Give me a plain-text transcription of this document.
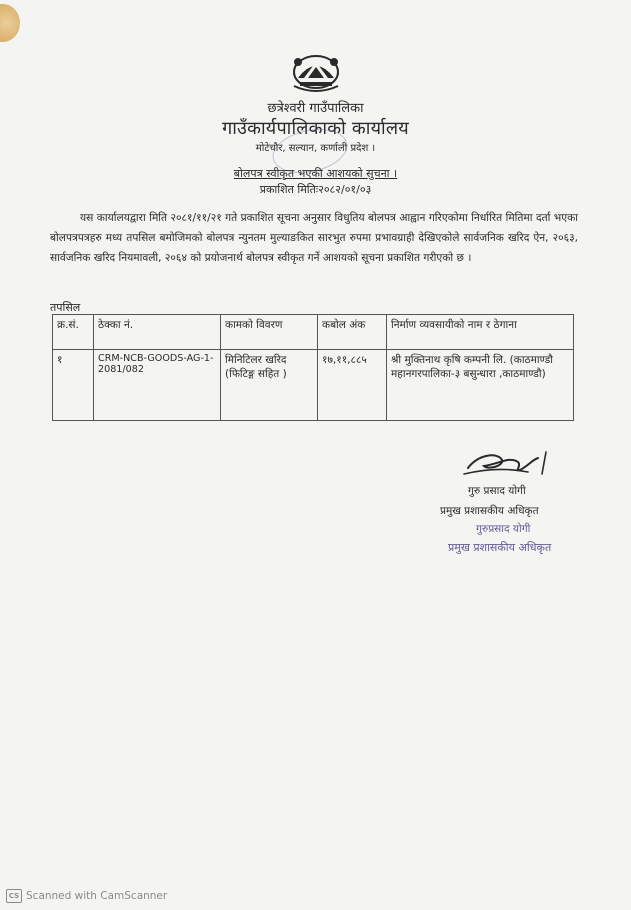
छत्रेश्वरी गाउँपालिका
गाउँकार्यपालिकाको कार्यालय
मोटेचौर, सल्यान, कर्णाली प्रदेश ।
बोलपत्र स्वीकृत भएकी आशयको सुचना ।
प्रकाशित मितिः२०८२/०१/०३
यस कार्यालयद्वारा मिति २०८१/११/२१ गते प्रकाशित सूचना अनुसार विधुतिय बोलपत्र आह्वान गरिएकोमा निर्धारित मितिमा दर्ता भएका बोलपत्रपत्रहरु मध्य तपसिल बमोजिमको बोलपत्र न्युनतम मुल्याङकित सारभुत रुपमा प्रभावग्राही देखिएकोले सार्वजनिक खरिद ऐन, २०६३, सार्वजनिक खरिद नियमावली, २०६४ को प्रयोजनार्थ बोलपत्र स्वीकृत गर्ने आशयको सूचना प्रकाशित गरीएको छ ।
तपसिल
क्र.सं.	ठेक्का नं.	कामको विवरण	कबोल अंक	निर्माण व्यवसायीको नाम र ठेगाना
१	CRM-NCB-GOODS-AG-1-2081/082	मिनिटिलर खरिद (फिटिङ्ग सहित )	१७,११,८८५	श्री मुक्तिनाथ कृषि कम्पनी लि. (काठमाण्डौ महानगरपालिका-३ बसुन्धारा ,काठमाण्डौ)
गुरु प्रसाद योगी
प्रमुख प्रशासकीय अधिकृत
गुरुप्रसाद योगी
प्रमुख प्रशासकीय अधिकृत
CS Scanned with CamScanner
